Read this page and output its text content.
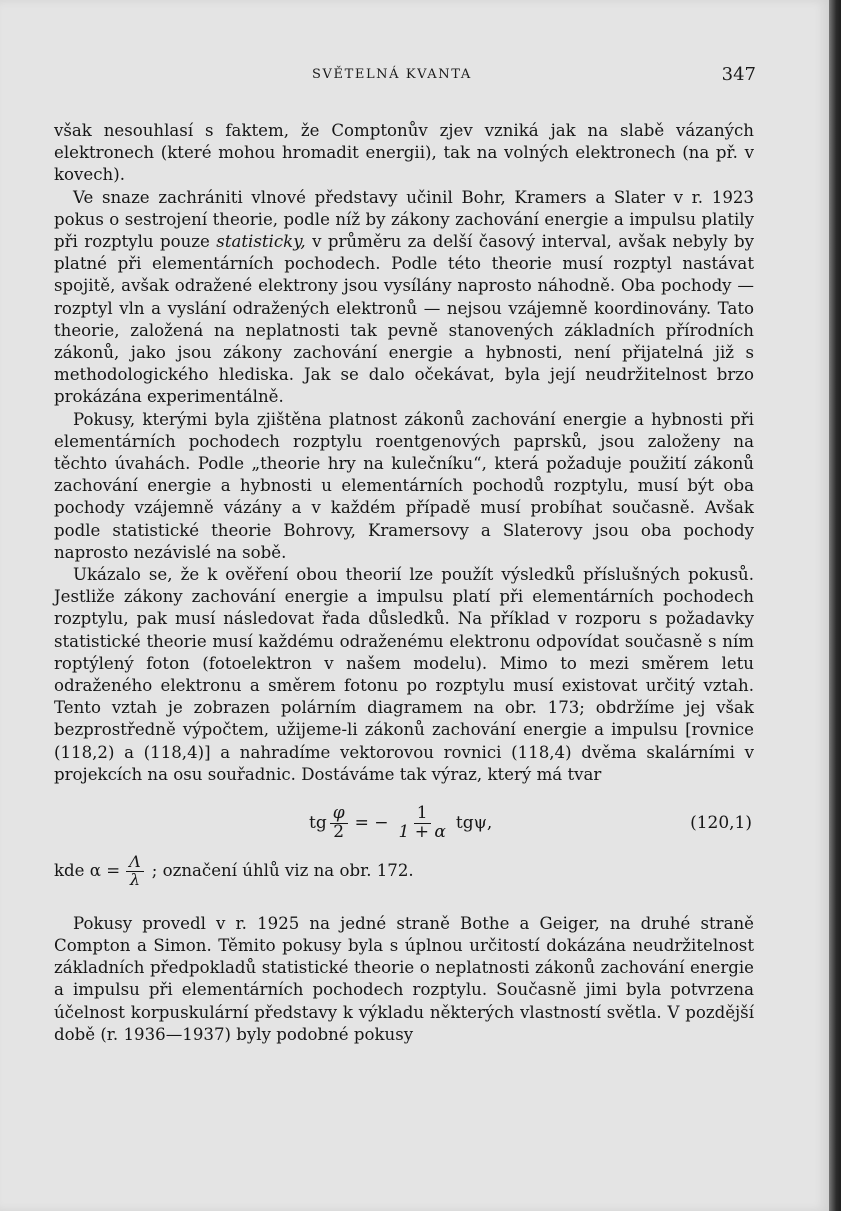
SVĚTELNÁ KVANTA	347

však nesouhlasí s faktem, že Comptonův zjev vzniká jak na slabě vázaných elektronech (které mohou hromadit energii), tak na volných elektronech (na př. v kovech).

Ve snaze zachrániti vlnové představy učinil Bohr, Kramers a Slater v r. 1923 pokus o sestrojení theorie, podle níž by zákony zachování energie a impulsu platily při rozptylu pouze statisticky, v průměru za delší časový interval, avšak nebyly by platné při elementárních pochodech. Podle této theorie musí rozptyl nastávat spojitě, avšak odražené elektrony jsou vysílány naprosto náhodně. Oba pochody — rozptyl vln a vyslání odražených elektronů — nejsou vzájemně koordinovány. Tato theorie, založená na neplatnosti tak pevně stanovených základních přírodních zákonů, jako jsou zákony zachování energie a hybnosti, není přijatelná již s methodologického hlediska. Jak se dalo očekávat, byla její neudržitelnost brzo prokázána experimentálně.

Pokusy, kterými byla zjištěna platnost zákonů zachování energie a hybnosti při elementárních pochodech rozptylu roentgenových paprsků, jsou založeny na těchto úvahách. Podle „theorie hry na kulečníku“, která požaduje použití zákonů zachování energie a hybnosti u elementárních pochodů rozptylu, musí být oba pochody vzájemně vázány a v každém případě musí probíhat současně. Avšak podle statistické theorie Bohrovy, Kramersovy a Slaterovy jsou oba pochody naprosto nezávislé na sobě.

Ukázalo se, že k ověření obou theorií lze použít výsledků příslušných pokusů. Jestliže zákony zachování energie a impulsu platí při elementárních pochodech rozptylu, pak musí následovat řada důsledků. Na příklad v rozporu s požadavky statistické theorie musí každému odraženému elektronu odpovídat současně s ním roptýlený foton (fotoelektron v našem modelu). Mimo to mezi směrem letu odraženého elektronu a směrem fotonu po rozptylu musí existovat určitý vztah. Tento vztah je zobrazen polárním diagramem na obr. 173; obdržíme jej však bezprostředně výpočtem, užijeme-li zákonů zachování energie a impulsu [rovnice (118,2) a (118,4)] a nahradíme vektorovou rovnici (118,4) dvěma skalárními v projekcích na osu souřadnic. Dostáváme tak výraz, který má tvar

tg $\frac{\varphi}{2}$ = − $\frac{1}{1 + \alpha} tg\psi$,	(120,1)
kde $\alpha = \frac{\Lambda}{\lambda}$ ; označení úhlů viz na obr. 172.

Pokusy provedl v r. 1925 na jedné straně Bothe a Geiger, na druhé straně Compton a Simon. Těmito pokusy byla s úplnou určitostí dokázána neudržitelnost základních předpokladů statistické theorie o neplatnosti zákonů zachování energie a impulsu při elementárních pochodech rozptylu. Současně jimi byla potvrzena účelnost korpuskulární představy k výkladu některých vlastností světla. V pozdější době (r. 1936—1937) byly podobné pokusy
